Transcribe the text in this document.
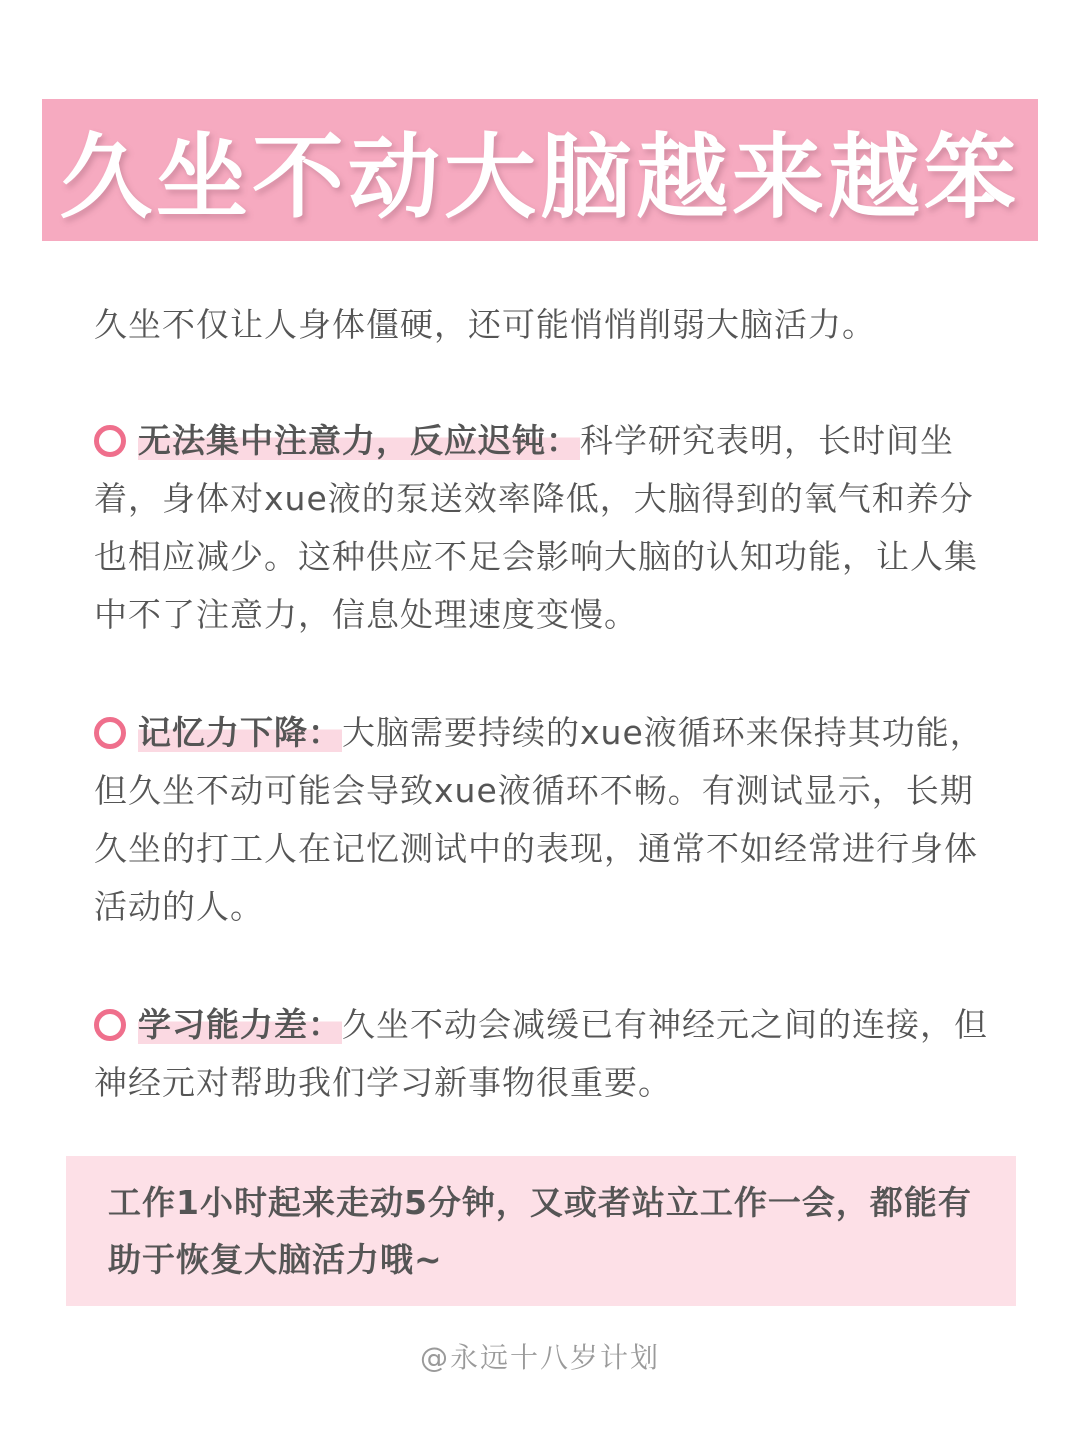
久坐不动大脑越来越笨
久坐不仅让人身体僵硬，还可能悄悄削弱大脑活力。
无法集中注意力，反应迟钝：科学研究表明，长时间坐着，身体对xue液的泵送效率降低，大脑得到的氧气和养分也相应减少。这种供应不足会影响大脑的认知功能，让人集中不了注意力，信息处理速度变慢。
记忆力下降：大脑需要持续的xue液循环来保持其功能，但久坐不动可能会导致xue液循环不畅。有测试显示，长期久坐的打工人在记忆测试中的表现，通常不如经常进行身体活动的人。
学习能力差：久坐不动会减缓已有神经元之间的连接，但神经元对帮助我们学习新事物很重要。
工作1小时起来走动5分钟，又或者站立工作一会，都能有助于恢复大脑活力哦~
@永远十八岁计划
